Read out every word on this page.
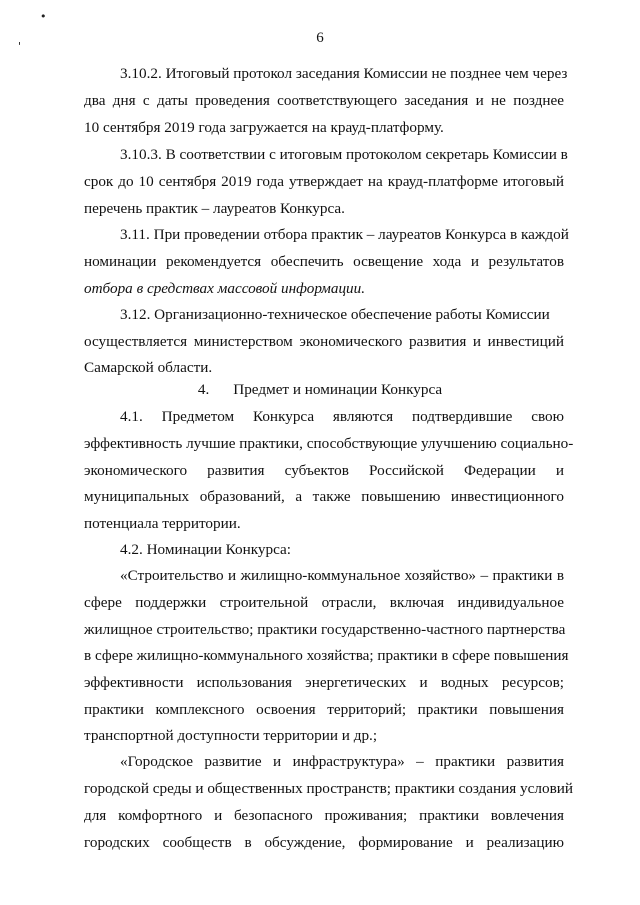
•
'
6
3.10.2. Итоговый протокол заседания Комиссии не позднее чем через
два дня с даты проведения соответствующего заседания и не позднее
10 сентября 2019 года загружается на крауд-платформу.
3.10.3. В соответствии с итоговым протоколом секретарь Комиссии в
срок до 10 сентября 2019 года утверждает на крауд-платформе итоговый
перечень практик – лауреатов Конкурса.
3.11. При проведении отбора практик – лауреатов Конкурса в каждой
номинации рекомендуется обеспечить освещение хода и результатов
отбора в средствах массовой информации.
3.12. Организационно-техническое обеспечение работы Комиссии
осуществляется министерством экономического развития и инвестиций
Самарской области.
4. Предмет и номинации Конкурса
4.1. Предметом Конкурса являются подтвердившие свою
эффективность лучшие практики, способствующие улучшению социально-
экономического развития субъектов Российской Федерации и
муниципальных образований, а также повышению инвестиционного
потенциала территории.
4.2. Номинации Конкурса:
«Строительство и жилищно-коммунальное хозяйство» – практики в
сфере поддержки строительной отрасли, включая индивидуальное
жилищное строительство; практики государственно-частного партнерства
в сфере жилищно-коммунального хозяйства; практики в сфере повышения
эффективности использования энергетических и водных ресурсов;
практики комплексного освоения территорий; практики повышения
транспортной доступности территории и др.;
«Городское развитие и инфраструктура» – практики развития
городской среды и общественных пространств; практики создания условий
для комфортного и безопасного проживания; практики вовлечения
городских сообществ в обсуждение, формирование и реализацию
